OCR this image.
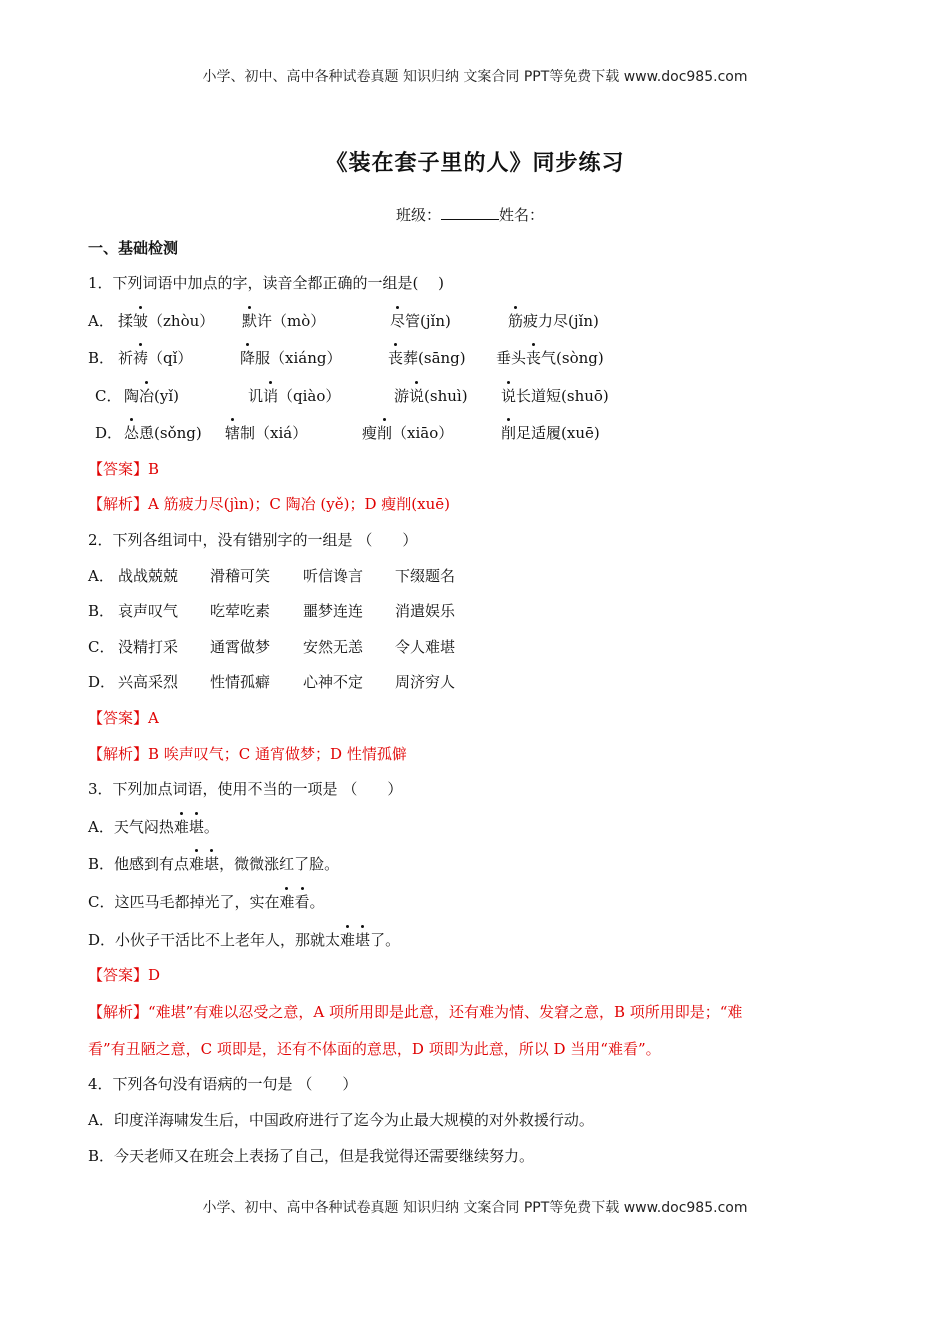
小学、初中、高中各种试卷真题 知识归纳 文案合同 PPT等免费下载 www.doc985.com
《装在套子里的人》同步练习
班级：	姓名：
一、基础检测
1．下列词语中加点的字，读音全都正确的一组是(　 )
A． 揉皱（zhòu） 默许（mò）	尽管(jǐn)	筋疲力尽(jǐn)
B． 祈祷（qǐ）	降服（xiáng）	丧葬(sāng) 垂头丧气(sòng)
C． 陶冶(yǐ)	讥诮（qiào）	游说(shuì) 说长道短(shuō)
D． 怂恿(sǒng) 辖制（xiá）	瘦削（xiāo）	削足适履(xuē)
【答案】B
【解析】A 筋疲力尽(jìn)；C 陶冶 (yě)；D 瘦削(xuē)
2．下列各组词中，没有错别字的一组是 （　　）
A． 战战兢兢 滑稽可笑 听信谗言 下缀题名
B． 哀声叹气 吃荤吃素 噩梦连连 消遣娱乐
C． 没精打采 通霄做梦 安然无恙 令人难堪
D． 兴高采烈 性情孤癖 心神不定 周济穷人
【答案】A
【解析】B 唉声叹气；C 通宵做梦；D 性情孤僻
3．下列加点词语，使用不当的一项是 （　　）
A．天气闷热难堪。
B．他感到有点难堪，微微涨红了脸。
C．这匹马毛都掉光了，实在难看。
D．小伙子干活比不上老年人，那就太难堪了。
【答案】D
【解析】“难堪”有难以忍受之意，A 项所用即是此意，还有难为情、发窘之意，B 项所用即是；“难
看”有丑陋之意，C 项即是，还有不体面的意思，D 项即为此意，所以 D 当用“难看”。
4．下列各句没有语病的一句是 （　　）
A．印度洋海啸发生后，中国政府进行了迄今为止最大规模的对外救援行动。
B．今天老师又在班会上表扬了自己，但是我觉得还需要继续努力。
小学、初中、高中各种试卷真题 知识归纳 文案合同 PPT等免费下载 www.doc985.com
